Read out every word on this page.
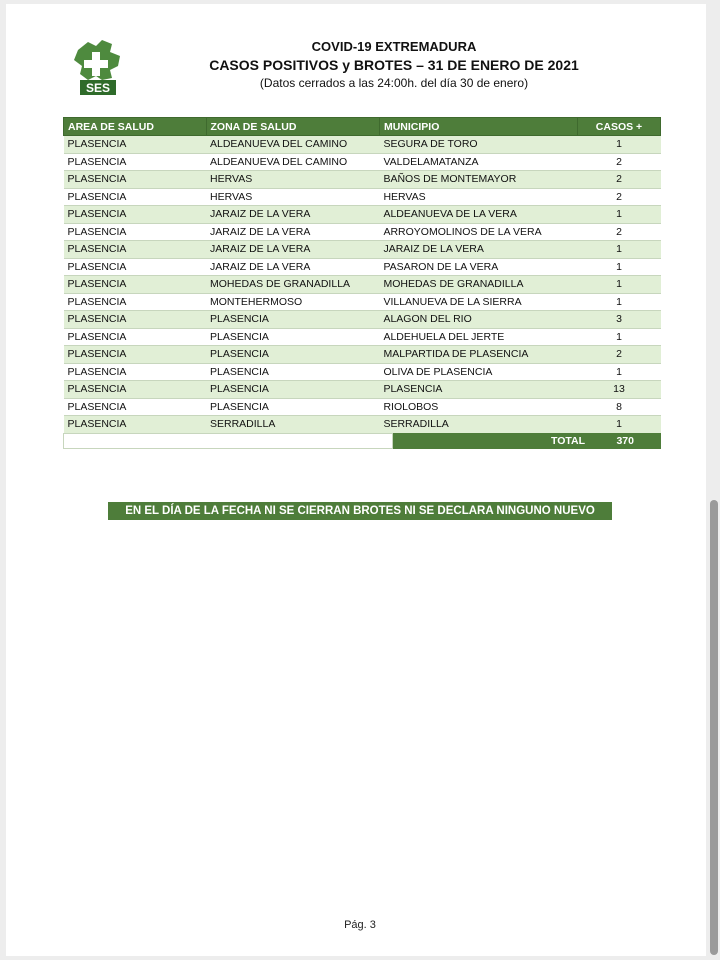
SES
COVID-19 EXTREMADURA
CASOS POSITIVOS y BROTES – 31 DE ENERO DE 2021
(Datos cerrados a las 24:00h. del día 30 de enero)
AREA DE SALUD	ZONA DE SALUD	MUNICIPIO	CASOS +
PLASENCIA	ALDEANUEVA DEL CAMINO	SEGURA DE TORO	1
PLASENCIA	ALDEANUEVA DEL CAMINO	VALDELAMATANZA	2
PLASENCIA	HERVAS	BAÑOS DE MONTEMAYOR	2
PLASENCIA	HERVAS	HERVAS	2
PLASENCIA	JARAIZ DE LA VERA	ALDEANUEVA DE LA VERA	1
PLASENCIA	JARAIZ DE LA VERA	ARROYOMOLINOS DE LA VERA	2
PLASENCIA	JARAIZ DE LA VERA	JARAIZ DE LA VERA	1
PLASENCIA	JARAIZ DE LA VERA	PASARON DE LA VERA	1
PLASENCIA	MOHEDAS DE GRANADILLA	MOHEDAS DE GRANADILLA	1
PLASENCIA	MONTEHERMOSO	VILLANUEVA DE LA SIERRA	1
PLASENCIA	PLASENCIA	ALAGON DEL RIO	3
PLASENCIA	PLASENCIA	ALDEHUELA DEL JERTE	1
PLASENCIA	PLASENCIA	MALPARTIDA DE PLASENCIA	2
PLASENCIA	PLASENCIA	OLIVA DE PLASENCIA	1
PLASENCIA	PLASENCIA	PLASENCIA	13
PLASENCIA	PLASENCIA	RIOLOBOS	8
PLASENCIA	SERRADILLA	SERRADILLA	1
TOTAL	370
EN EL DÍA DE LA FECHA NI SE CIERRAN BROTES NI SE DECLARA NINGUNO NUEVO
Pág. 3
